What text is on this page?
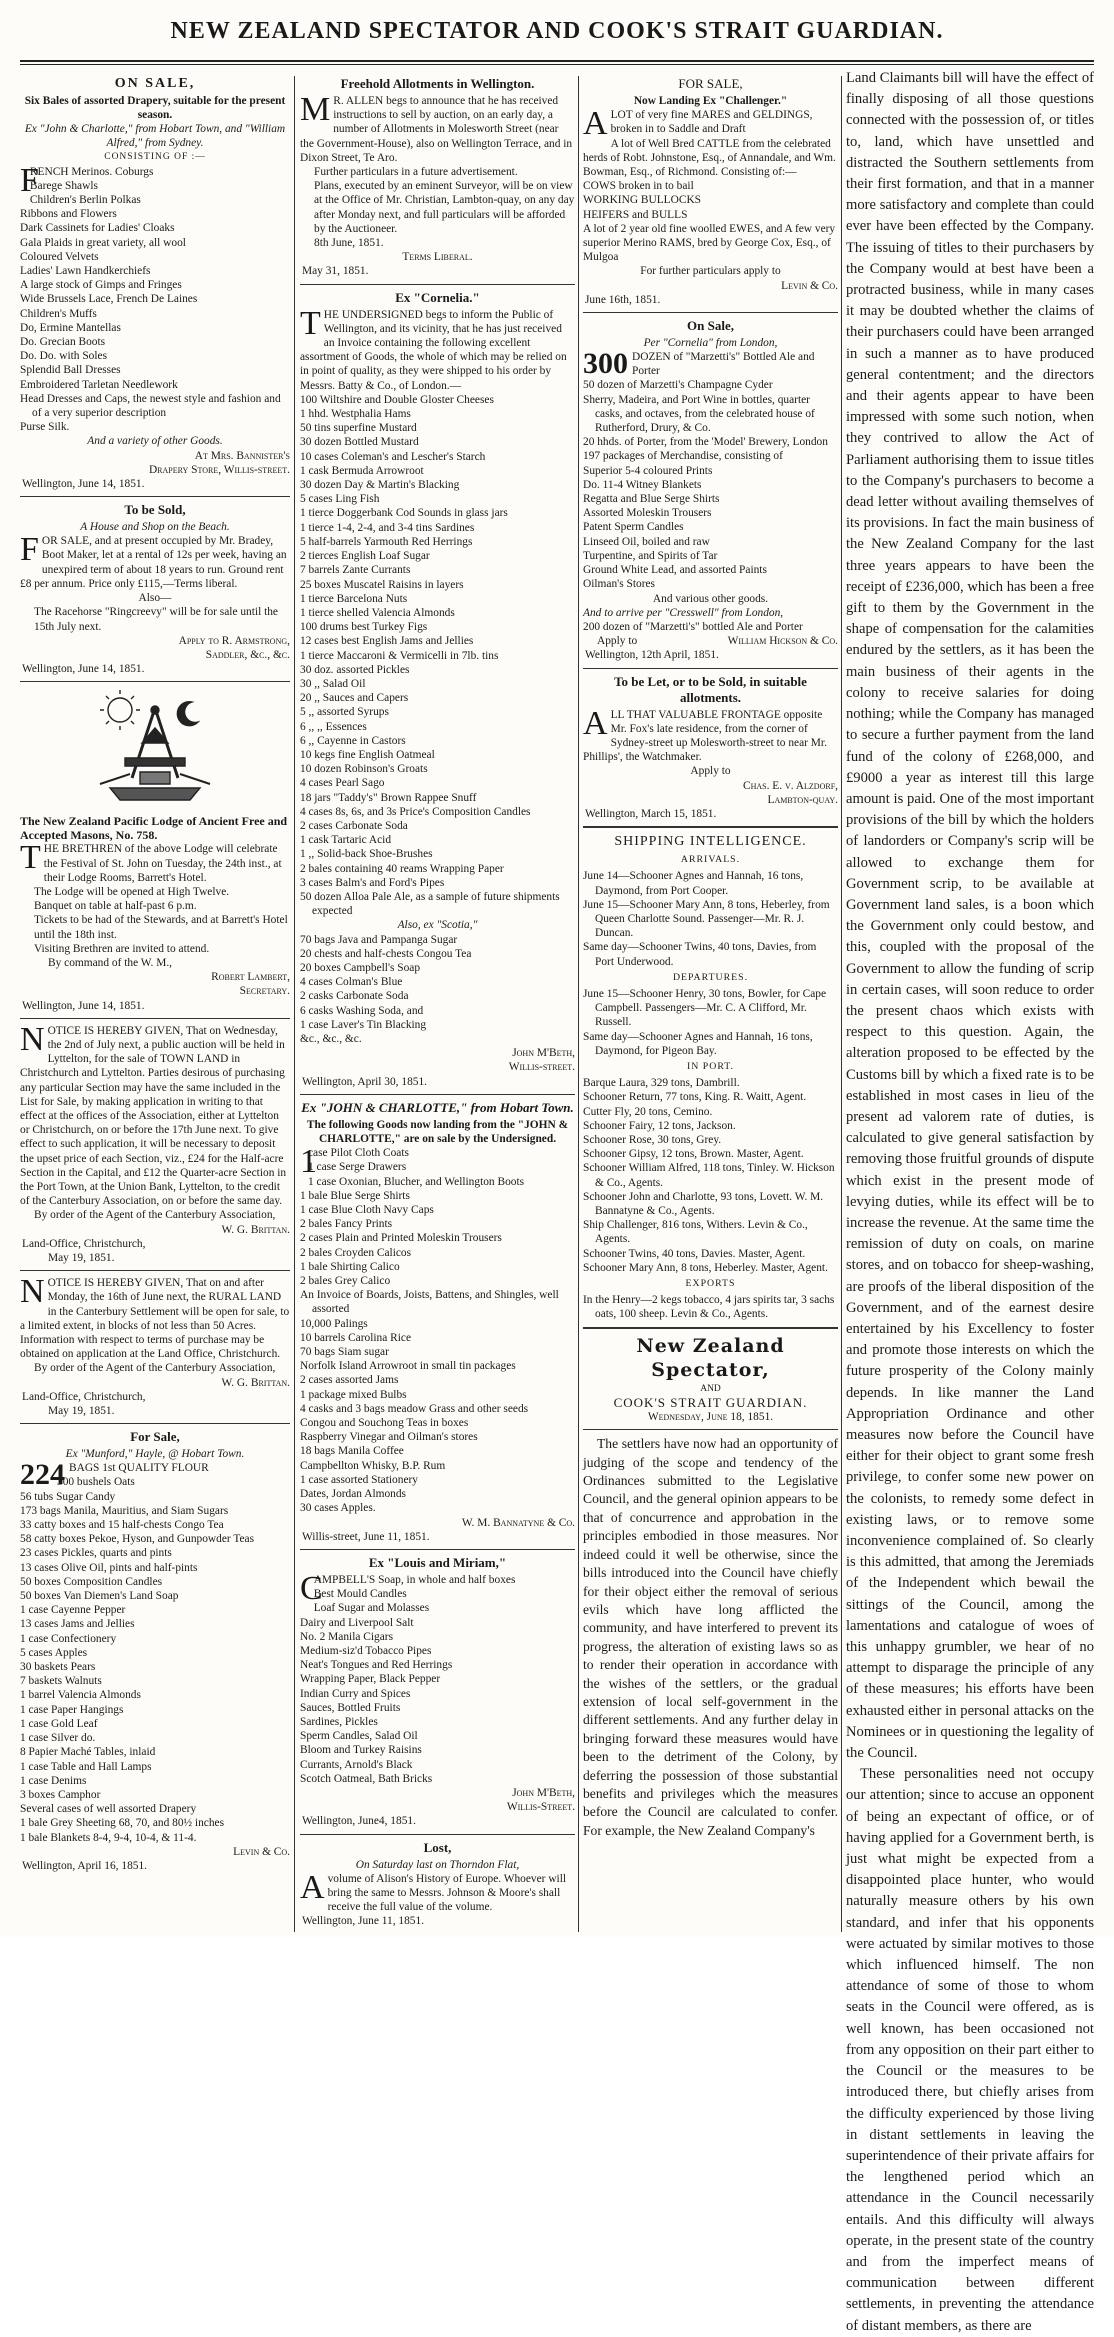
NEW ZEALAND SPECTATOR AND COOK'S STRAIT GUARDIAN.
ON SALE,
Six Bales of assorted Drapery, suitable for the present season.
Ex "John & Charlotte," from Hobart Town, and "William Alfred," from Sydney.
CONSISTING OF :—
F
RENCH Merinos. Coburgs
Barege Shawls
Children's Berlin Polkas
Ribbons and Flowers
Dark Cassinets for Ladies' Cloaks
Gala Plaids in great variety, all wool
Coloured Velvets
Ladies' Lawn Handkerchiefs
A large stock of Gimps and Fringes
Wide Brussels Lace, French De Laines
Children's Muffs
Do, Ermine Mantellas
Do. Grecian Boots
Do. Do. with Soles
Splendid Ball Dresses
Embroidered Tarletan Needlework
Head Dresses and Caps, the newest style and fashion and of a very superior description
Purse Silk.
And a variety of other Goods.
At Mrs. Bannister's
Drapery Store, Willis-street.
Wellington, June 14, 1851.
To be Sold,
A House and Shop on the Beach.

FOR SALE, and at present occupied by Mr. Bradey, Boot Maker, let at a rental of 12s per week, having an unexpired term of about 18 years to run. Ground rent £8 per annum. Price only £115,—Terms liberal.

Also—

The Racehorse "Ringcreevy" will be for sale until the 15th July next.

Apply to R. Armstrong,
Saddler, &c., &c.
Wellington, June 14, 1851.
The New Zealand Pacific Lodge of Ancient Free and Accepted Masons, No. 758.

THE BRETHREN of the above Lodge will celebrate the Festival of St. John on Tuesday, the 24th inst., at their Lodge Rooms, Barrett's Hotel.

The Lodge will be opened at High Twelve.

Banquet on table at half-past 6 p.m.

Tickets to be had of the Stewards, and at Barrett's Hotel until the 18th inst.

Visiting Brethren are invited to attend.

By command of the W. M.,

Robert Lambert,
Secretary.
Wellington, June 14, 1851.

NOTICE IS HEREBY GIVEN, That on Wednesday, the 2nd of July next, a public auction will be held in Lyttelton, for the sale of TOWN LAND in Christchurch and Lyttelton. Parties desirous of purchasing any particular Section may have the same included in the List for Sale, by making application in writing to that effect at the offices of the Association, either at Lyttelton or Christchurch, on or before the 17th June next. To give effect to such application, it will be necessary to deposit the upset price of each Section, viz., £24 for the Half-acre Section in the Capital, and £12 the Quarter-acre Section in the Port Town, at the Union Bank, Lyttelton, to the credit of the Canterbury Association, on or before the same day.

By order of the Agent of the Canterbury Association,

W. G. Brittan.
Land-Office, Christchurch,
May 19, 1851.

NOTICE IS HEREBY GIVEN, That on and after Monday, the 16th of June next, the RURAL LAND in the Canterbury Settlement will be open for sale, to a limited extent, in blocks of not less than 50 Acres. Information with respect to terms of purchase may be obtained on application at the Land Office, Christchurch.

By order of the Agent of the Canterbury Association,

W. G. Brittan.
Land-Office, Christchurch,
May 19, 1851.
For Sale,
Ex "Munford," Hayle, @ Hobart Town.
224 BAGS 1st QUALITY FLOUR
300 bushels Oats
56 tubs Sugar Candy
173 bags Manila, Mauritius, and Siam Sugars
33 catty boxes and 15 half-chests Congo Tea
58 catty boxes Pekoe, Hyson, and Gunpowder Teas
23 cases Pickles, quarts and pints
13 cases Olive Oil, pints and half-pints
50 boxes Composition Candles
50 boxes Van Diemen's Land Soap
1 case Cayenne Pepper
13 cases Jams and Jellies
1 case Confectionery
5 cases Apples
30 baskets Pears
7 baskets Walnuts
1 barrel Valencia Almonds
1 case Paper Hangings
1 case Gold Leaf
1 case Silver do.
8 Papier Maché Tables, inlaid
1 case Table and Hall Lamps
1 case Denims
3 boxes Camphor
Several cases of well assorted Drapery
1 bale Grey Sheeting 68, 70, and 80½ inches
1 bale Blankets 8-4, 9-4, 10-4, & 11-4.
Levin & Co.
Wellington, April 16, 1851.
Freehold Allotments in Wellington.

M R. ALLEN begs to announce that he has received instructions to sell by auction, on an early day, a number of Allotments in Molesworth Street (near the Government-House), also on Wellington Terrace, and in Dixon Street, Te Aro.

Further particulars in a future advertisement.

Plans, executed by an eminent Surveyor, will be on view at the Office of Mr. Christian, Lambton-quay, on any day after Monday next, and full particulars will be afforded by the Auctioneer.

8th June, 1851.
Terms Liberal.
May 31, 1851.
Ex "Cornelia."

THE UNDERSIGNED begs to inform the Public of Wellington, and its vicinity, that he has just received an Invoice containing the following excellent assortment of Goods, the whole of which may be relied on in point of quality, as they were shipped to his order by Messrs. Batty & Co., of London.—

100 Wiltshire and Double Gloster Cheeses
1 hhd. Westphalia Hams
50 tins superfine Mustard
30 dozen Bottled Mustard
10 cases Coleman's and Lescher's Starch
1 cask Bermuda Arrowroot
30 dozen Day & Martin's Blacking
5 cases Ling Fish
1 tierce Doggerbank Cod Sounds in glass jars
1 tierce 1-4, 2-4, and 3-4 tins Sardines
5 half-barrels Yarmouth Red Herrings
2 tierces English Loaf Sugar
7 barrels Zante Currants
25 boxes Muscatel Raisins in layers
1 tierce Barcelona Nuts
1 tierce shelled Valencia Almonds
100 drums best Turkey Figs
12 cases best English Jams and Jellies
1 tierce Maccaroni & Vermicelli in 7lb. tins
30 doz. assorted Pickles
30 ,, Salad Oil
20 ,, Sauces and Capers
5 ,, assorted Syrups
6 ,, ,, Essences
6 ,, Cayenne in Castors
10 kegs fine English Oatmeal
10 dozen Robinson's Groats
4 cases Pearl Sago
18 jars "Taddy's" Brown Rappee Snuff
4 cases 8s, 6s, and 3s Price's Composition Candles
2 cases Carbonate Soda
1 cask Tartaric Acid
1 ,, Solid-back Shoe-Brushes
2 bales containing 40 reams Wrapping Paper
3 cases Balm's and Ford's Pipes
50 dozen Alloa Pale Ale, as a sample of future shipments expected
Also, ex "Scotia,"
70 bags Java and Pampanga Sugar
20 chests and half-chests Congou Tea
20 boxes Campbell's Soap
4 cases Colman's Blue
2 casks Carbonate Soda
6 casks Washing Soda, and
1 case Laver's Tin Blacking
&c., &c., &c.
John M'Beth,
Willis-street.
Wellington, April 30, 1851.
Ex "JOHN & CHARLOTTE," from Hobart Town.
The following Goods now landing from the "JOHN & CHARLOTTE," are on sale by the Undersigned.
1
case Pilot Cloth Coats
1 case Serge Drawers
1 case Oxonian, Blucher, and Wellington Boots
1 bale Blue Serge Shirts
1 case Blue Cloth Navy Caps
2 bales Fancy Prints
2 cases Plain and Printed Moleskin Trousers
2 bales Croyden Calicos
1 bale Shirting Calico
2 bales Grey Calico
An Invoice of Boards, Joists, Battens, and Shingles, well assorted
10,000 Palings
10 barrels Carolina Rice
70 bags Siam sugar
Norfolk Island Arrowroot in small tin packages
2 cases assorted Jams
1 package mixed Bulbs
4 casks and 3 bags meadow Grass and other seeds
Congou and Souchong Teas in boxes
Raspberry Vinegar and Oilman's stores
18 bags Manila Coffee
Campbellton Whisky, B.P. Rum
1 case assorted Stationery
Dates, Jordan Almonds
30 cases Apples.
W. M. Bannatyne & Co.
Willis-street, June 11, 1851.
Ex "Louis and Miriam,"
C
AMPBELL'S Soap, in whole and half boxes
Best Mould Candles
Loaf Sugar and Molasses
Dairy and Liverpool Salt
No. 2 Manila Cigars
Medium-siz'd Tobacco Pipes
Neat's Tongues and Red Herrings
Wrapping Paper, Black Pepper
Indian Curry and Spices
Sauces, Bottled Fruits
Sardines, Pickles
Sperm Candles, Salad Oil
Bloom and Turkey Raisins
Currants, Arnold's Black
Scotch Oatmeal, Bath Bricks
John M'Beth,
Willis-Street.
Wellington, June4, 1851.
Lost,
On Saturday last on Thorndon Flat,

Avolume of Alison's History of Europe. Whoever will bring the same to Messrs. Johnson & Moore's shall receive the full value of the volume.

Wellington, June 11, 1851.
FOR SALE,
Now Landing Ex "Challenger."

ALOT of very fine MARES and GELDINGS, broken in to Saddle and Draft

A lot of Well Bred CATTLE from the celebrated herds of Robt. Johnstone, Esq., of Annandale, and Wm. Bowman, Esq., of Richmond. Consisting of:—

COWS broken in to bail
WORKING BULLOCKS
HEIFERS and BULLS

A lot of 2 year old fine woolled EWES, and A few very superior Merino RAMS, bred by George Cox, Esq., of Mulgoa

For further particulars apply to
Levin & Co.
June 16th, 1851.
On Sale,
Per "Cornelia" from London,
300 DOZEN of "Marzetti's" Bottled Ale and Porter
50 dozen of Marzetti's Champagne Cyder
Sherry, Madeira, and Port Wine in bottles, quarter casks, and octaves, from the celebrated house of Rutherford, Drury, & Co.
20 hhds. of Porter, from the 'Model' Brewery, London
197 packages of Merchandise, consisting of
Superior 5-4 coloured Prints
Do. 11-4 Witney Blankets
Regatta and Blue Serge Shirts
Assorted Moleskin Trousers
Patent Sperm Candles
Linseed Oil, boiled and raw
Turpentine, and Spirits of Tar
Ground White Lead, and assorted Paints
Oilman's Stores
And various other goods.
And to arrive per "Cresswell" from London,
200 dozen of "Marzetti's" bottled Ale and Porter
Apply to	William Hickson & Co.
Wellington, 12th April, 1851.
To be Let, or to be Sold, in suitable allotments.

ALL THAT VALUABLE FRONTAGE opposite Mr. Fox's late residence, from the corner of Sydney-street up Molesworth-street to near Mr. Phillips', the Watchmaker.

Apply to
Chas. E. v. Alzdorf,
Lambton-quay.
Wellington, March 15, 1851.
SHIPPING INTELLIGENCE.
ARRIVALS.
June 14—Schooner Agnes and Hannah, 16 tons, Daymond, from Port Cooper.
June 15—Schooner Mary Ann, 8 tons, Heberley, from Queen Charlotte Sound. Passenger—Mr. R. J. Duncan.
Same day—Schooner Twins, 40 tons, Davies, from Port Underwood.
DEPARTURES.
June 15—Schooner Henry, 30 tons, Bowler, for Cape Campbell. Passengers—Mr. C. A Clifford, Mr. Russell.
Same day—Schooner Agnes and Hannah, 16 tons, Daymond, for Pigeon Bay.
IN PORT.
Barque Laura, 329 tons, Dambrill.
Schooner Return, 77 tons, King. R. Waitt, Agent.
Cutter Fly, 20 tons, Cemino.
Schooner Fairy, 12 tons, Jackson.
Schooner Rose, 30 tons, Grey.
Schooner Gipsy, 12 tons, Brown. Master, Agent.
Schooner William Alfred, 118 tons, Tinley. W. Hickson & Co., Agents.
Schooner John and Charlotte, 93 tons, Lovett. W. M. Bannatyne & Co., Agents.
Ship Challenger, 816 tons, Withers. Levin & Co., Agents.
Schooner Twins, 40 tons, Davies. Master, Agent.
Schooner Mary Ann, 8 tons, Heberley. Master, Agent.
EXPORTS
In the Henry—2 kegs tobacco, 4 jars spirits tar, 3 sachs oats, 100 sheep. Levin & Co., Agents.
New Zealand Spectator,
AND
COOK'S STRAIT GUARDIAN.
Wednesday, June 18, 1851.

The settlers have now had an opportunity of judging of the scope and tendency of the Ordinances submitted to the Legislative Council, and the general opinion appears to be that of concurrence and approbation in the principles embodied in those measures. Nor indeed could it well be otherwise, since the bills introduced into the Council have chiefly for their object either the removal of serious evils which have long afflicted the community, and have interfered to prevent its progress, the alteration of existing laws so as to render their operation in accordance with the wishes of the settlers, or the gradual extension of local self-government in the different settlements. And any further delay in bringing forward these measures would have been to the detriment of the Colony, by deferring the possession of those substantial benefits and privileges which the measures before the Council are calculated to confer. For example, the New Zealand Company's

Land Claimants bill will have the effect of finally disposing of all those questions connected with the possession of, or titles to, land, which have unsettled and distracted the Southern settlements from their first formation, and that in a manner more satisfactory and complete than could ever have been effected by the Company. The issuing of titles to their purchasers by the Company would at best have been a protracted business, while in many cases it may be doubted whether the claims of their purchasers could have been arranged in such a manner as to have produced general contentment; and the directors and their agents appear to have been impressed with some such notion, when they contrived to allow the Act of Parliament authorising them to issue titles to the Company's purchasers to become a dead letter without availing themselves of its provisions. In fact the main business of the New Zealand Company for the last three years appears to have been the receipt of £236,000, which has been a free gift to them by the Government in the shape of compensation for the calamities endured by the settlers, as it has been the main business of their agents in the colony to receive salaries for doing nothing; while the Company has managed to secure a further payment from the land fund of the colony of £268,000, and £9000 a year as interest till this large amount is paid. One of the most important provisions of the bill by which the holders of landorders or Company's scrip will be allowed to exchange them for Government scrip, to be available at Government land sales, is a boon which the Government only could bestow, and this, coupled with the proposal of the Government to allow the funding of scrip in certain cases, will soon reduce to order the present chaos which exists with respect to this question. Again, the alteration proposed to be effected by the Customs bill by which a fixed rate is to be established in most cases in lieu of the present ad valorem rate of duties, is calculated to give general satisfaction by removing those fruitful grounds of dispute which exist in the present mode of levying duties, while its effect will be to increase the revenue. At the same time the remission of duty on coals, on marine stores, and on tobacco for sheep-washing, are proofs of the liberal disposition of the Government, and of the earnest desire entertained by his Excellency to foster and promote those interests on which the future prosperity of the Colony mainly depends. In like manner the Land Appropriation Ordinance and other measures now before the Council have either for their object to grant some fresh privilege, to confer some new power on the colonists, to remedy some defect in existing laws, or to remove some inconvenience complained of. So clearly is this admitted, that among the Jeremiads of the Independent which bewail the sittings of the Council, among the lamentations and catalogue of woes of this unhappy grumbler, we hear of no attempt to disparage the principle of any of these measures; his efforts have been exhausted either in personal attacks on the Nominees or in questioning the legality of the Council.

These personalities need not occupy our attention; since to accuse an opponent of being an expectant of office, or of having applied for a Government berth, is just what might be expected from a disappointed place hunter, who would naturally measure others by his own standard, and infer that his opponents were actuated by similar motives to those which influenced himself. The non attendance of some of those to whom seats in the Council were offered, as is well known, has been occasioned not from any opposition on their part either to the Council or the measures to be introduced there, but chiefly arises from the difficulty experienced by those living in distant settlements in leaving the superintendence of their private affairs for the lengthened period which an attendance in the Council necessarily entails. And this difficulty will always operate, in the present state of the country and from the imperfect means of communication between different settlements, in preventing the attendance of distant members, as there are
